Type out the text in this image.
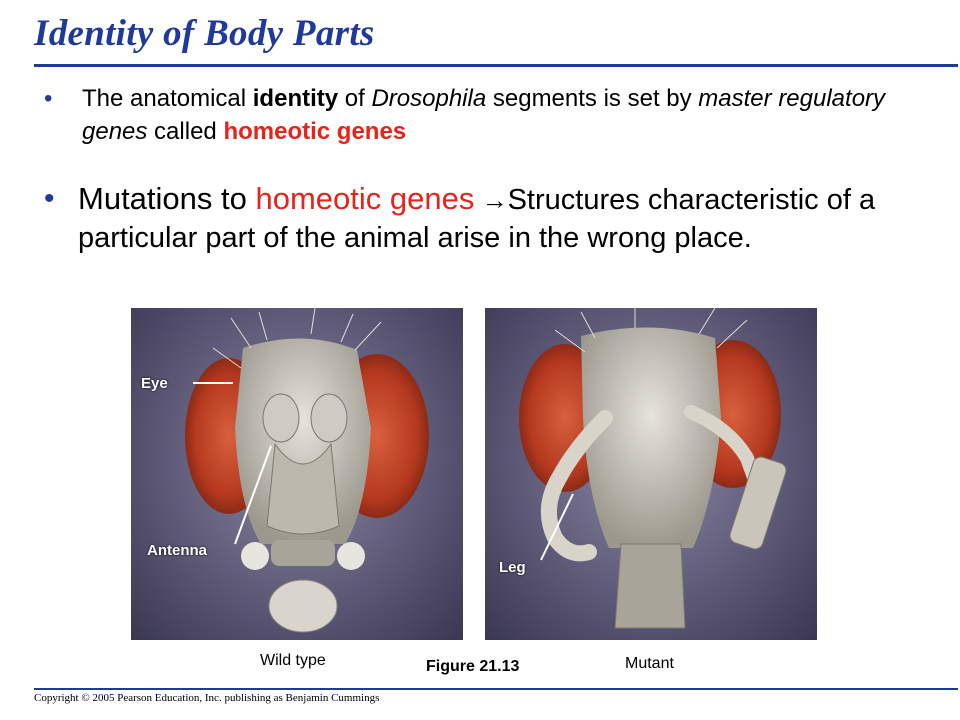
Identity of Body Parts
• The anatomical identity of Drosophila segments is set by master regulatory genes called homeotic genes
• Mutations to homeotic genes →Structures characteristic of a particular part of the animal arise in the wrong place.
Eye
Antenna
Leg
Wild type	Figure 21.13	Mutant
Copyright © 2005 Pearson Education, Inc. publishing as Benjamin Cummings
